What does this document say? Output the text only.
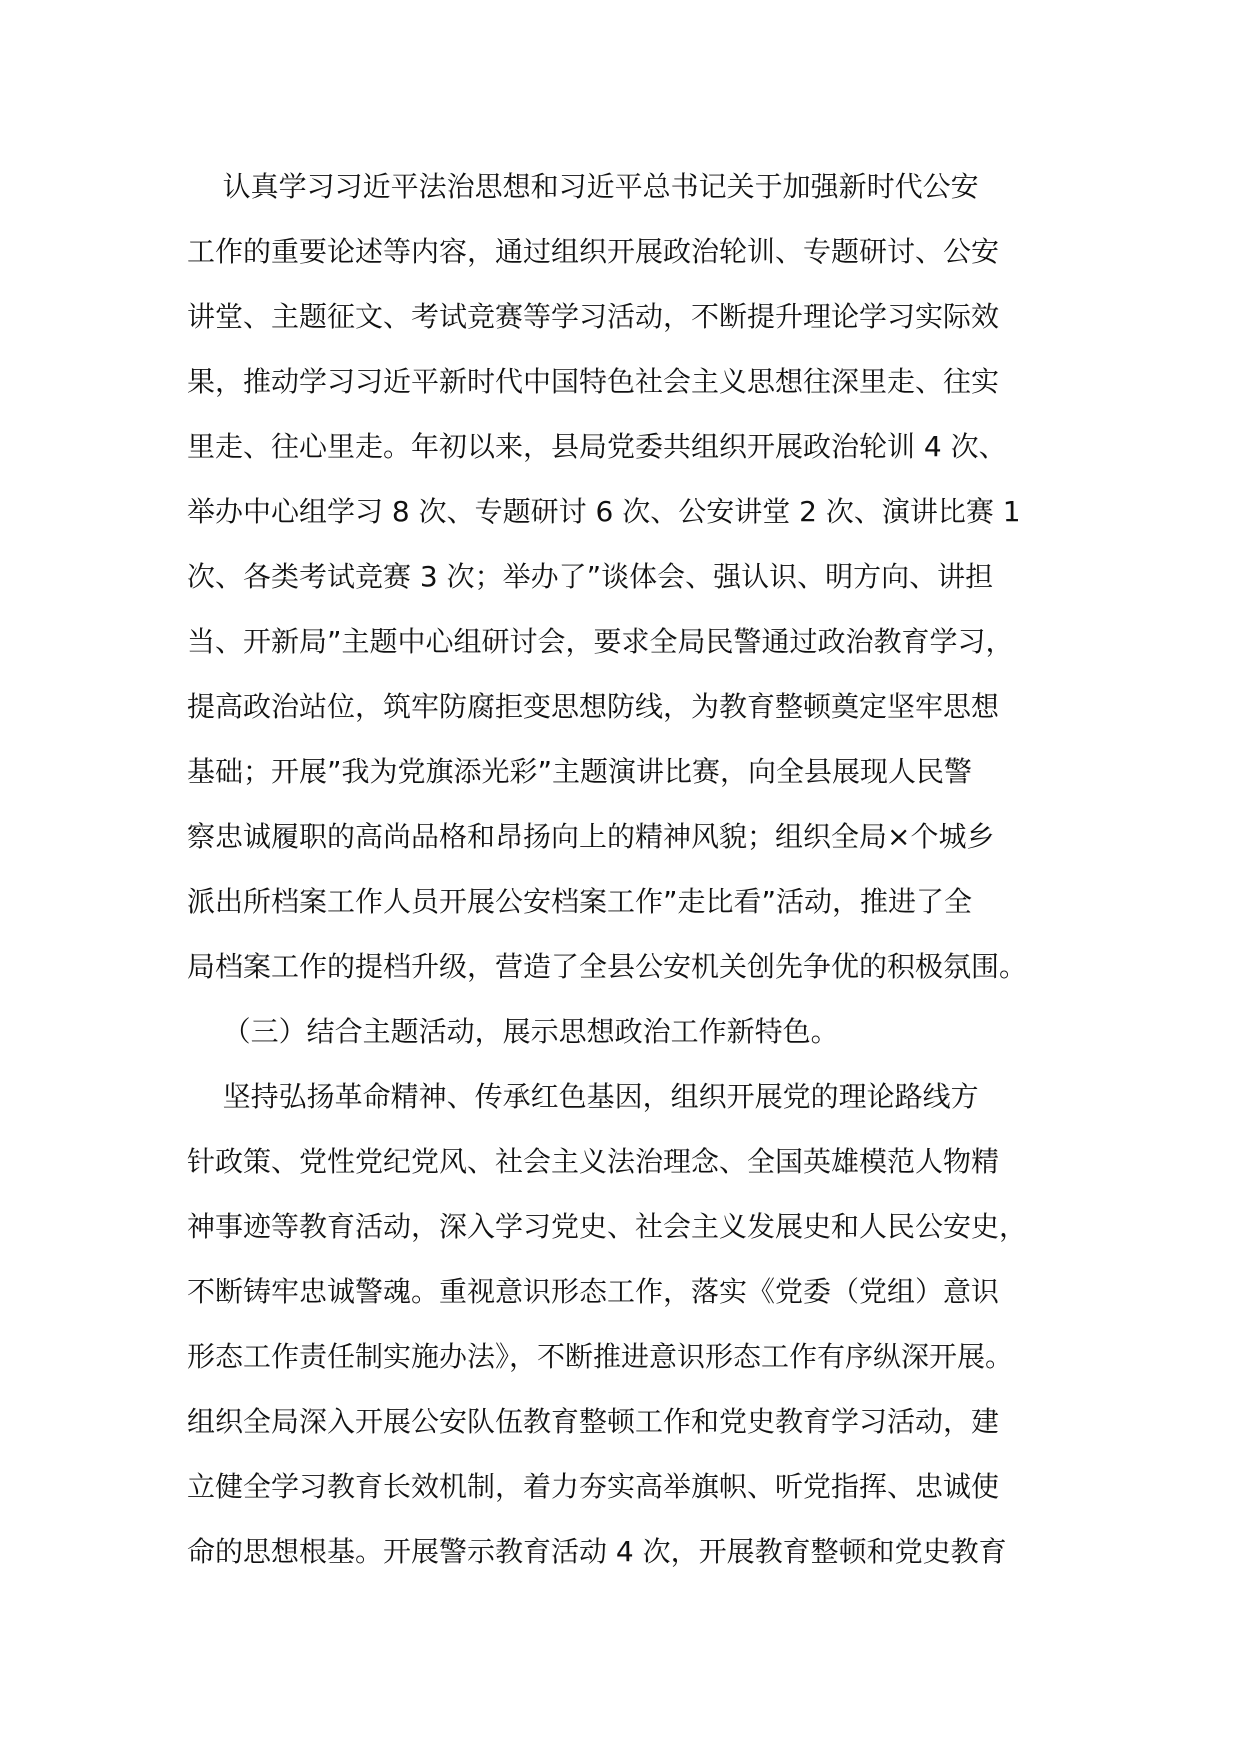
认真学习习近平法治思想和习近平总书记关于加强新时代公安
工作的重要论述等内容，通过组织开展政治轮训、专题研讨、公安
讲堂、主题征文、考试竞赛等学习活动，不断提升理论学习实际效
果，推动学习习近平新时代中国特色社会主义思想往深里走、往实
里走、往心里走。年初以来，县局党委共组织开展政治轮训 4 次、
举办中心组学习 8 次、专题研讨 6 次、公安讲堂 2 次、演讲比赛 1
次、各类考试竞赛 3 次；举办了”谈体会、强认识、明方向、讲担
当、开新局”主题中心组研讨会，要求全局民警通过政治教育学习，
提高政治站位，筑牢防腐拒变思想防线，为教育整顿奠定坚牢思想
基础；开展”我为党旗添光彩”主题演讲比赛，向全县展现人民警
察忠诚履职的高尚品格和昂扬向上的精神风貌；组织全局×个城乡
派出所档案工作人员开展公安档案工作”走比看”活动，推进了全
局档案工作的提档升级，营造了全县公安机关创先争优的积极氛围。
（三）结合主题活动，展示思想政治工作新特色。
坚持弘扬革命精神、传承红色基因，组织开展党的理论路线方
针政策、党性党纪党风、社会主义法治理念、全国英雄模范人物精
神事迹等教育活动，深入学习党史、社会主义发展史和人民公安史，
不断铸牢忠诚警魂。重视意识形态工作，落实《党委（党组）意识
形态工作责任制实施办法》，不断推进意识形态工作有序纵深开展。
组织全局深入开展公安队伍教育整顿工作和党史教育学习活动，建
立健全学习教育长效机制，着力夯实高举旗帜、听党指挥、忠诚使
命的思想根基。开展警示教育活动 4 次，开展教育整顿和党史教育
